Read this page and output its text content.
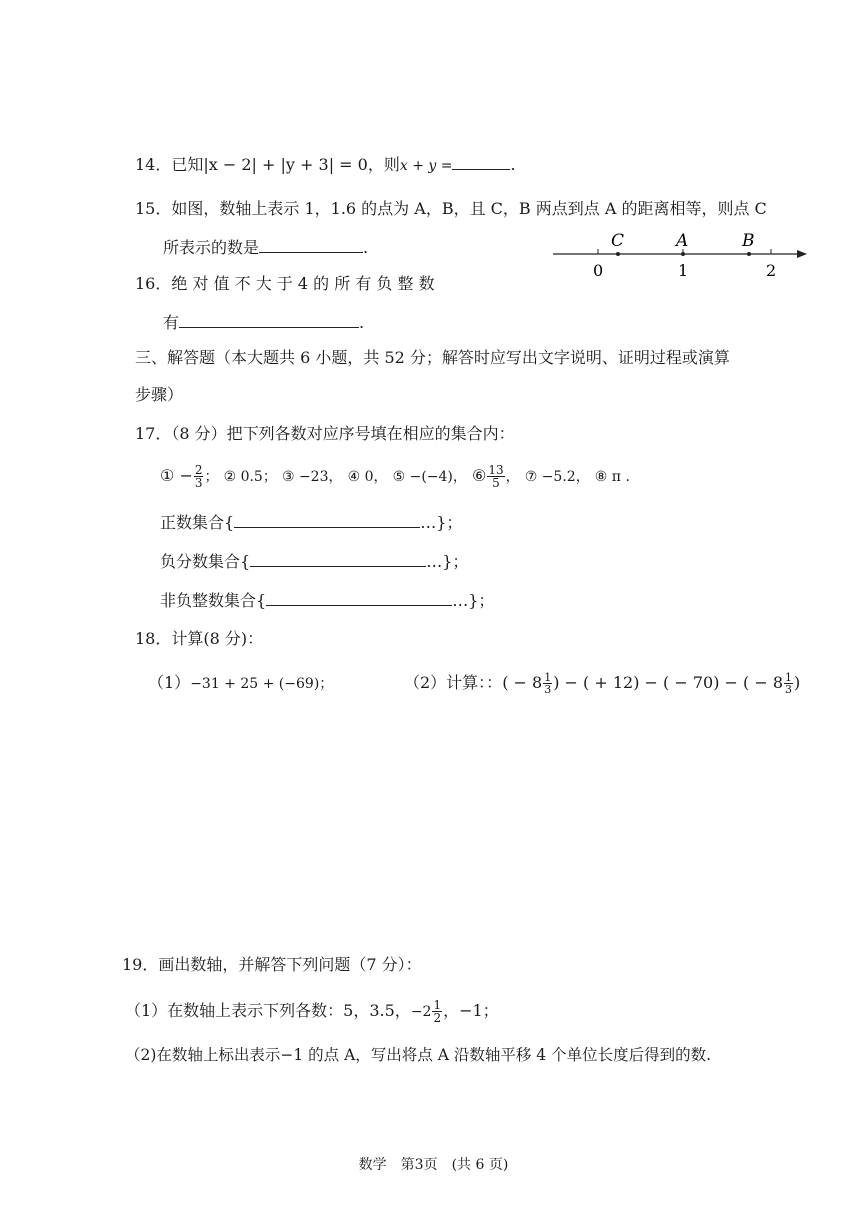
14．已知|x − 2| + |y + 3| = 0，则x + y =	.
15．如图，数轴上表示 1，1.6 的点为 A，B，且 C，B 两点到点 A 的距离相等，则点 C
所表示的数是	.	C	A	B
0	1	2
16．绝 对 值 不 大 于 4 的 所 有 负 整 数
有	.
三、解答题（本大题共 6 小题，共 52 分；解答时应写出文字说明、证明过程或演算
步骤）
17．（8 分）把下列各数对应序号填在相应的集合内：
① − $\frac{2}{3}$ ； ② 0.5； ③ −23， ④ 0， ⑤ −(−4)， ⑥ $\frac{13}{5}$ ， ⑦ −5.2， ⑧ π .
正数集合{	…}；
负分数集合{	…}；
非负整数集合{	…}；
18．计算(8 分)：
（1）−31 + 25 + (−69)；	（2）计算：：( − $8 \frac{1}{3}$ ) − ( + 12) − ( − 70) − ( − $8 \frac{1}{3}$ )
19．画出数轴，并解答下列问题（7 分）：
（1）在数轴上表示下列各数：5，3.5，$-2 \frac{1}{2}$ ，−1；
（2)在数轴上标出表示−1 的点 A，写出将点 A 沿数轴平移 4 个单位长度后得到的数.
数学　第3页　(共 6 页)
